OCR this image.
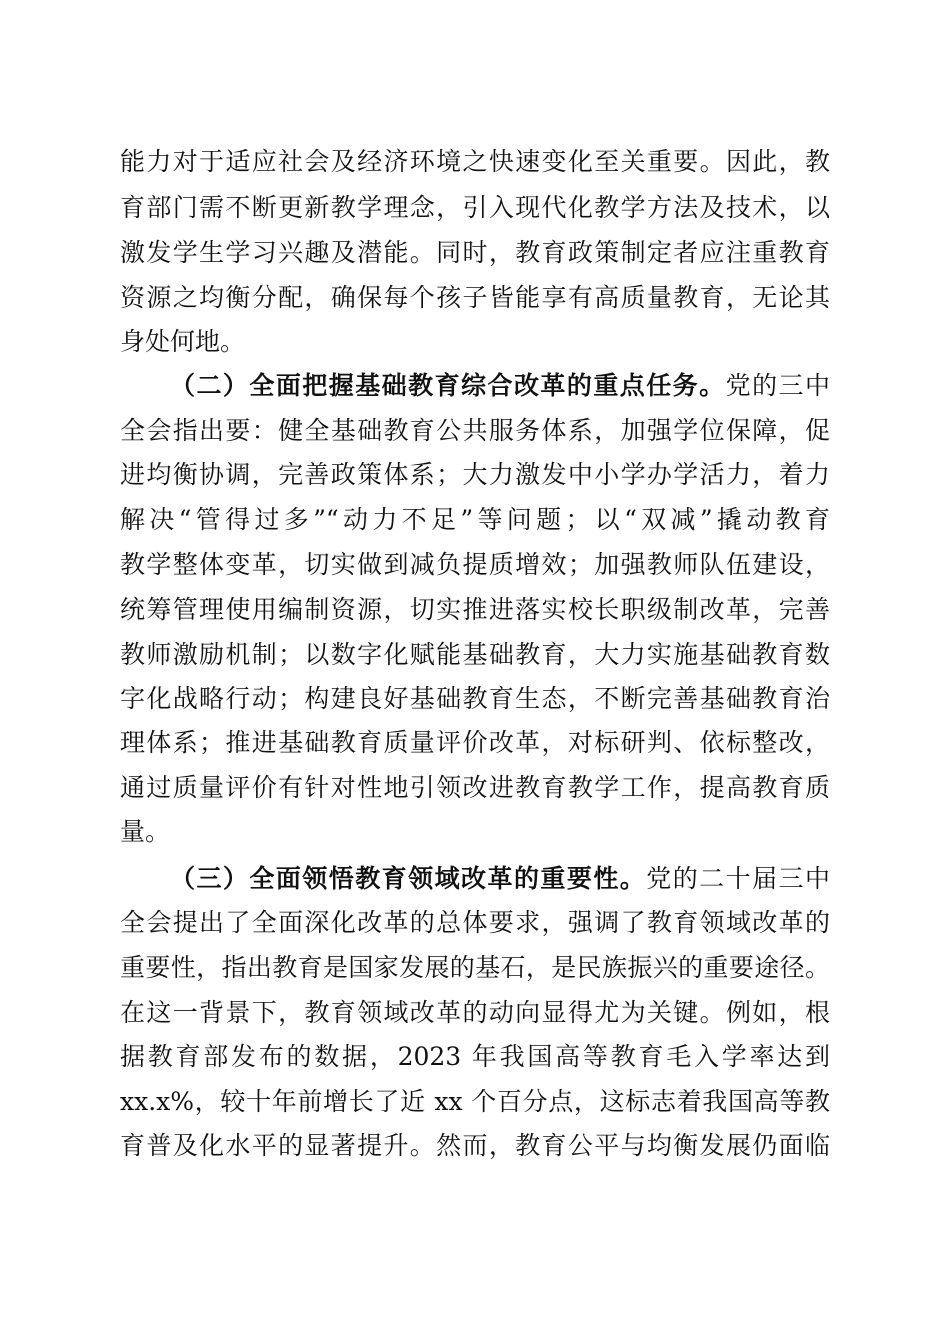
能力对于适应社会及经济环境之快速变化至关重要。因此，教
育部门需不断更新教学理念，引入现代化教学方法及技术，以
激发学生学习兴趣及潜能。同时，教育政策制定者应注重教育
资源之均衡分配，确保每个孩子皆能享有高质量教育，无论其
身处何地。
（二）全面把握基础教育综合改革的重点任务。党的三中
全会指出要：健全基础教育公共服务体系，加强学位保障，促
进均衡协调，完善政策体系；大力激发中小学办学活力，着力
解决“管得过多”“动力不足”等问题；以“双减”撬动教育
教学整体变革，切实做到减负提质增效；加强教师队伍建设，
统筹管理使用编制资源，切实推进落实校长职级制改革，完善
教师激励机制；以数字化赋能基础教育，大力实施基础教育数
字化战略行动；构建良好基础教育生态，不断完善基础教育治
理体系；推进基础教育质量评价改革，对标研判、依标整改，
通过质量评价有针对性地引领改进教育教学工作，提高教育质
量。
（三）全面领悟教育领域改革的重要性。党的二十届三中
全会提出了全面深化改革的总体要求，强调了教育领域改革的
重要性，指出教育是国家发展的基石，是民族振兴的重要途径。
在这一背景下，教育领域改革的动向显得尤为关键。例如，根
据教育部发布的数据，2023 年我国高等教育毛入学率达到
xx.x%，较十年前增长了近 xx 个百分点，这标志着我国高等教
育普及化水平的显著提升。然而，教育公平与均衡发展仍面临
